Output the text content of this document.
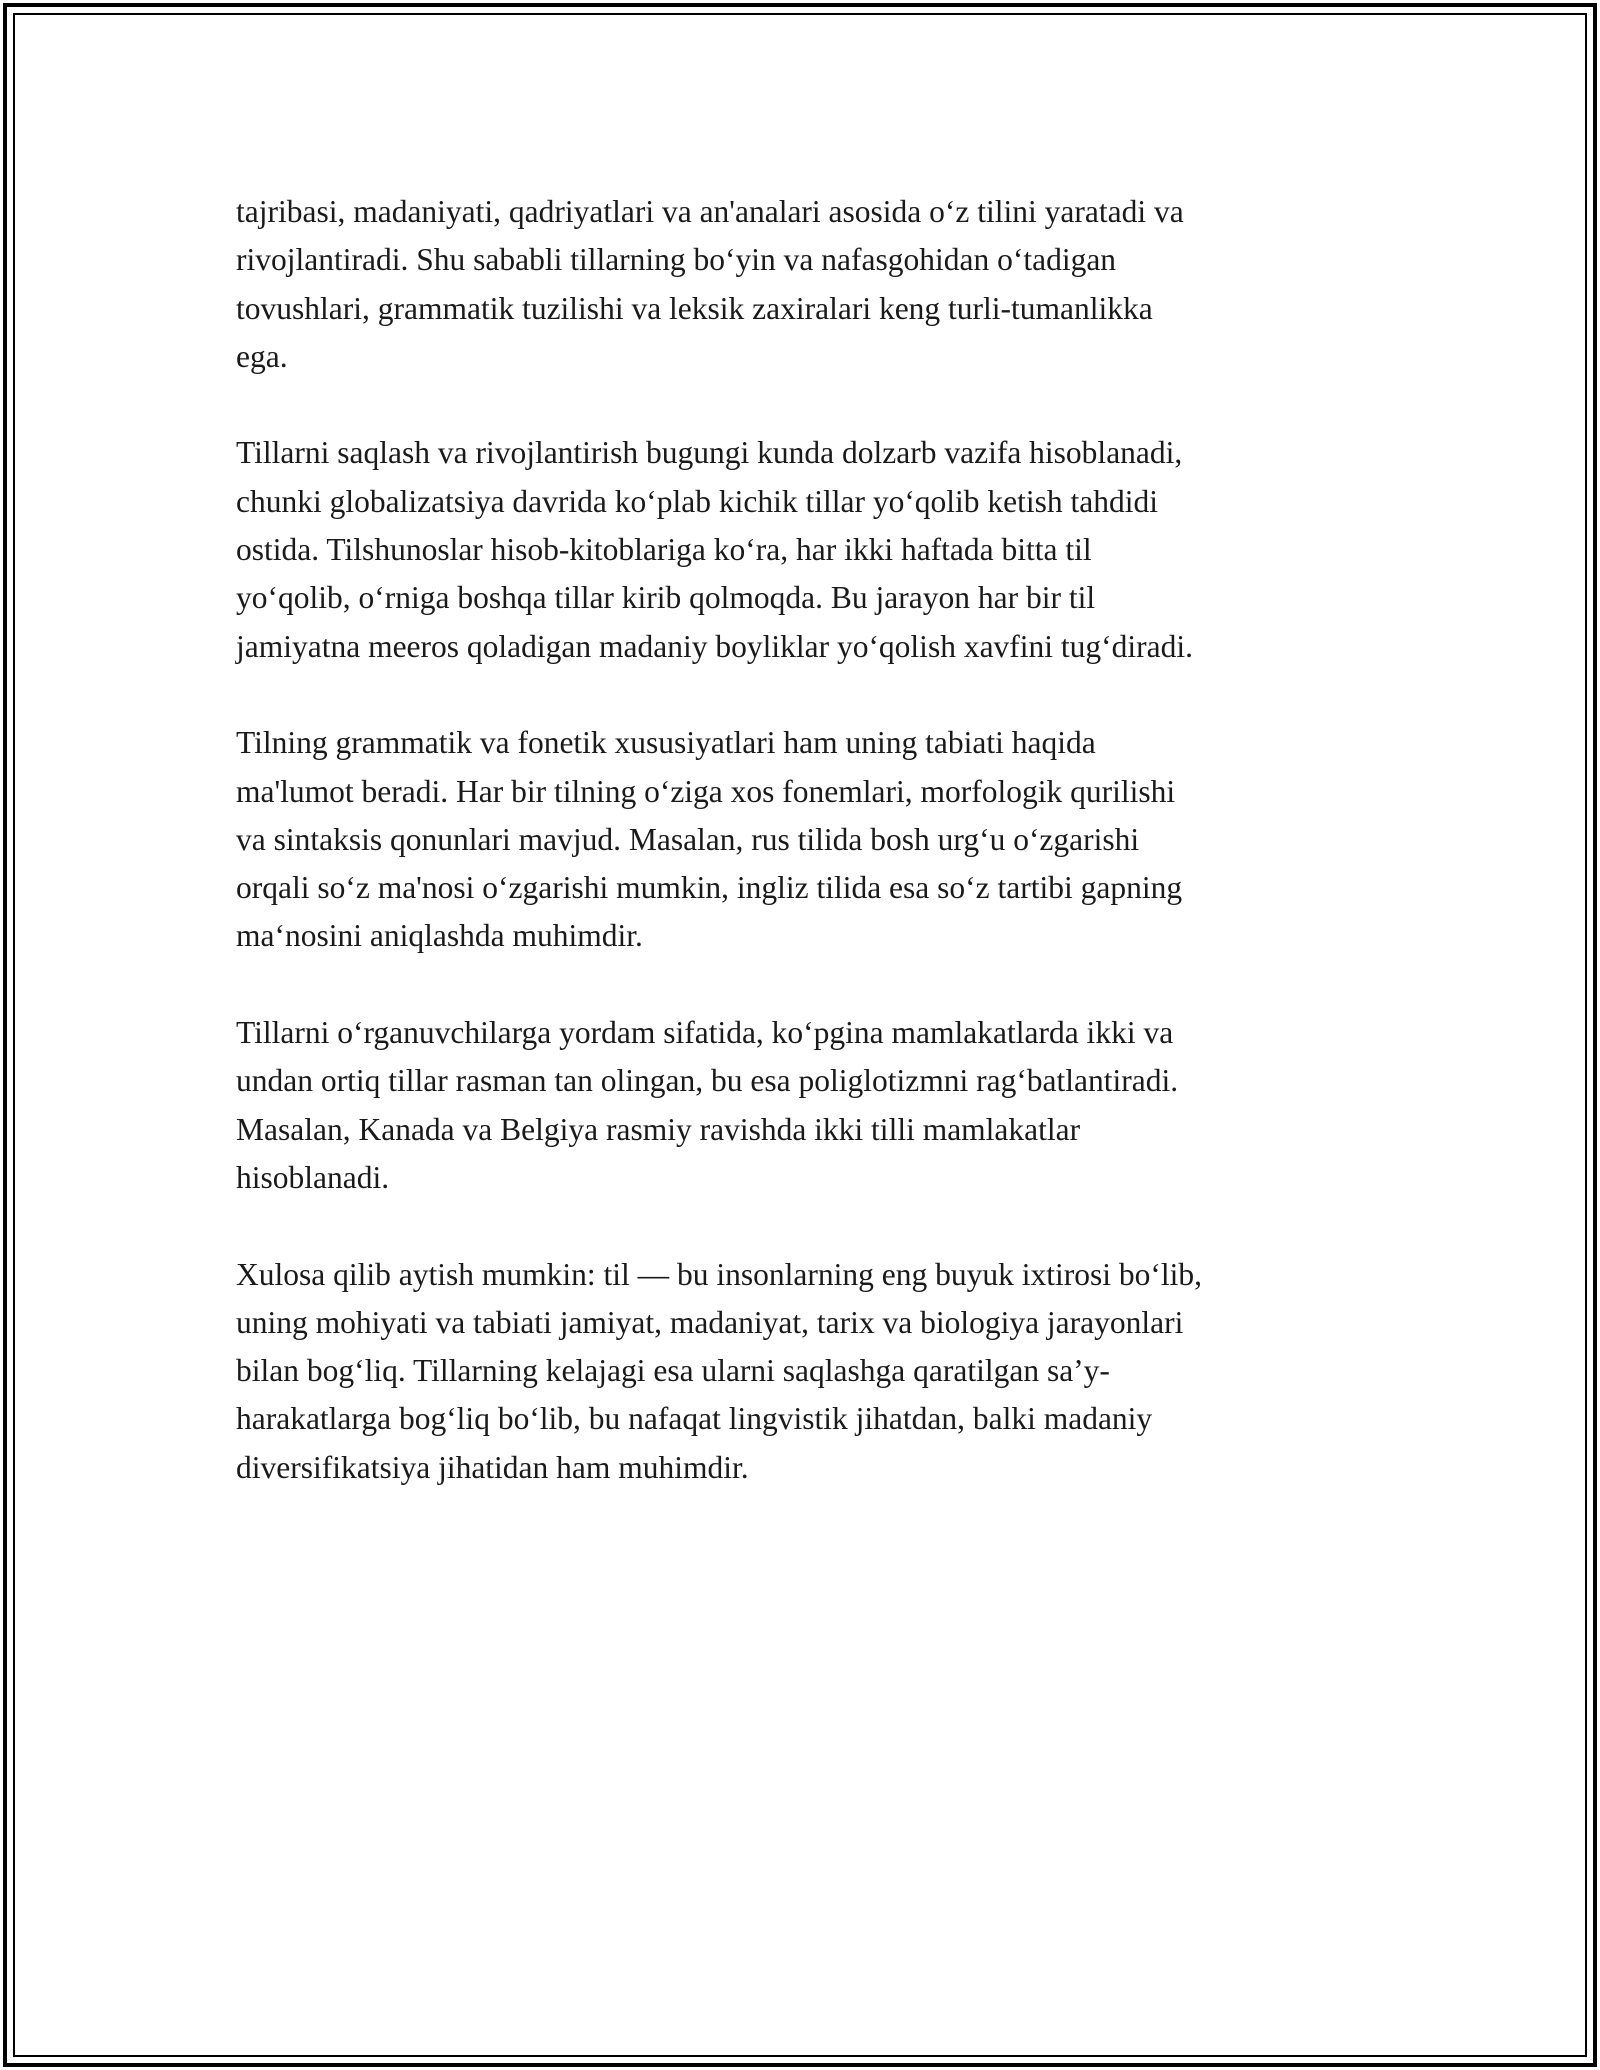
tajribasi, madaniyati, qadriyatlari va an'analari asosida o‘z tilini yaratadi va
rivojlantiradi. Shu sababli tillarning bo‘yin va nafasgohidan o‘tadigan
tovushlari, grammatik tuzilishi va leksik zaxiralari keng turli-tumanlikka
ega.
Tillarni saqlash va rivojlantirish bugungi kunda dolzarb vazifa hisoblanadi,
chunki globalizatsiya davrida ko‘plab kichik tillar yo‘qolib ketish tahdidi
ostida. Tilshunoslar hisob-kitoblariga ko‘ra, har ikki haftada bitta til
yo‘qolib, o‘rniga boshqa tillar kirib qolmoqda. Bu jarayon har bir til
jamiyatna meeros qoladigan madaniy boyliklar yo‘qolish xavfini tug‘diradi.
Tilning grammatik va fonetik xususiyatlari ham uning tabiati haqida
ma'lumot beradi. Har bir tilning o‘ziga xos fonemlari, morfologik qurilishi
va sintaksis qonunlari mavjud. Masalan, rus tilida bosh urg‘u o‘zgarishi
orqali so‘z ma'nosi o‘zgarishi mumkin, ingliz tilida esa so‘z tartibi gapning
ma‘nosini aniqlashda muhimdir.
Tillarni o‘rganuvchilarga yordam sifatida, ko‘pgina mamlakatlarda ikki va
undan ortiq tillar rasman tan olingan, bu esa poliglotizmni rag‘batlantiradi.
Masalan, Kanada va Belgiya rasmiy ravishda ikki tilli mamlakatlar
hisoblanadi.
Xulosa qilib aytish mumkin: til — bu insonlarning eng buyuk ixtirosi bo‘lib,
uning mohiyati va tabiati jamiyat, madaniyat, tarix va biologiya jarayonlari
bilan bog‘liq. Tillarning kelajagi esa ularni saqlashga qaratilgan sa’y-
harakatlarga bog‘liq bo‘lib, bu nafaqat lingvistik jihatdan, balki madaniy
diversifikatsiya jihatidan ham muhimdir.
